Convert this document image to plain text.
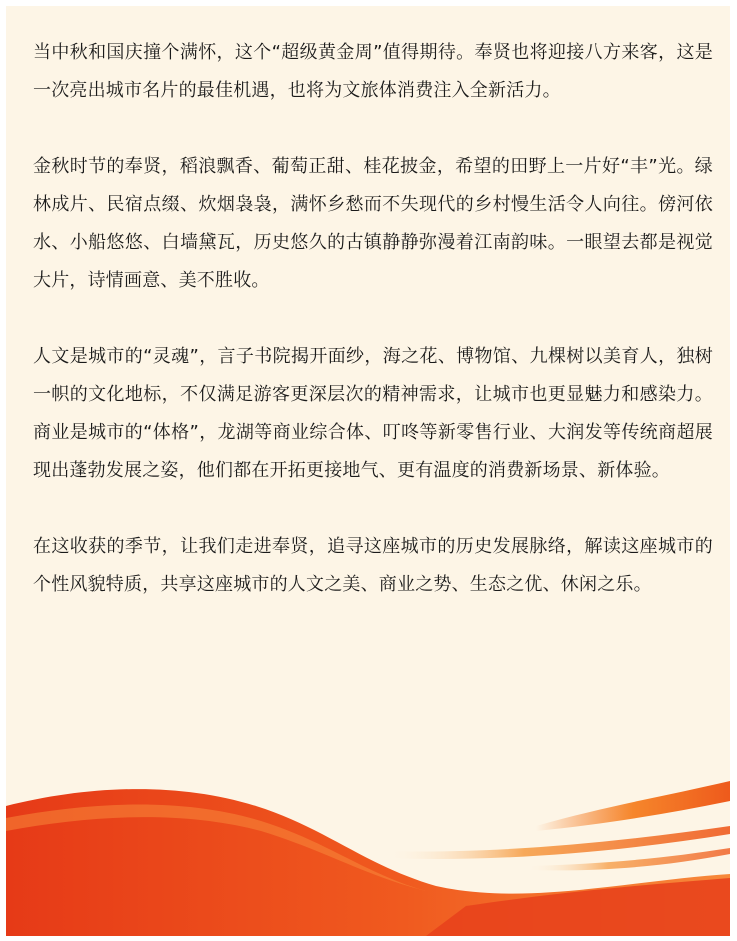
当中秋和国庆撞个满怀，这个“超级黄金周”值得期待。奉贤也将迎接八方来客，这是一次亮出城市名片的最佳机遇，也将为文旅体消费注入全新活力。

金秋时节的奉贤，稻浪飘香、葡萄正甜、桂花披金，希望的田野上一片好“丰”光。绿林成片、民宿点缀、炊烟袅袅，满怀乡愁而不失现代的乡村慢生活令人向往。傍河依水、小船悠悠、白墙黛瓦，历史悠久的古镇静静弥漫着江南韵味。一眼望去都是视觉大片，诗情画意、美不胜收。

人文是城市的“灵魂”，言子书院揭开面纱，海之花、博物馆、九棵树以美育人，独树一帜的文化地标，不仅满足游客更深层次的精神需求，让城市也更显魅力和感染力。商业是城市的“体格”，龙湖等商业综合体、叮咚等新零售行业、大润发等传统商超展现出蓬勃发展之姿，他们都在开拓更接地气、更有温度的消费新场景、新体验。

在这收获的季节，让我们走进奉贤，追寻这座城市的历史发展脉络，解读这座城市的个性风貌特质，共享这座城市的人文之美、商业之势、生态之优、休闲之乐。
